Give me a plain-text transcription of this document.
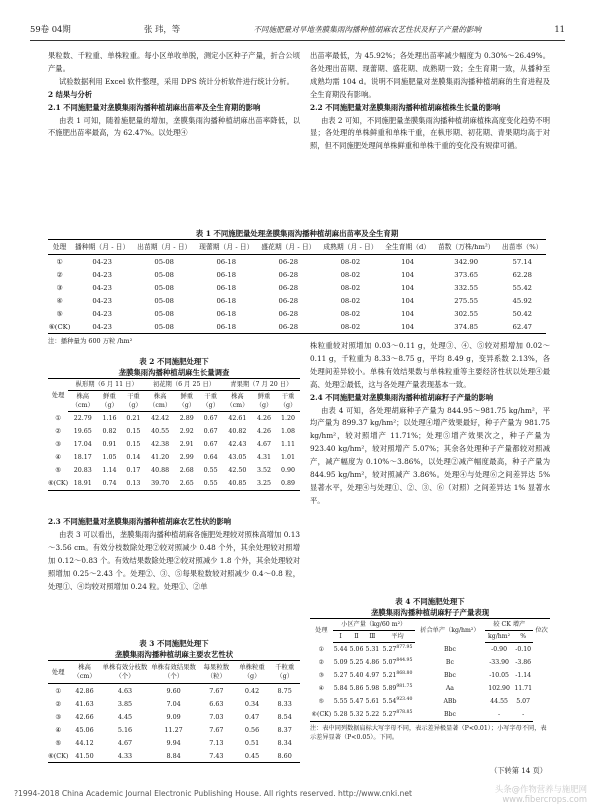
59卷 04期	张 玮，等	不同施肥量对旱地垄膜集雨沟播种植胡麻农艺性状及籽子产量的影响	11

果粒数、千粒重、单株粒重。每小区单收单脱，测定小区种子产量，折合公顷产量。

试验数据利用 Excel 软件整理，采用 DPS 统计分析软件进行统计分析。

2 结果与分析

2.1 不同施肥量对垄膜集雨沟播种植胡麻出苗率及全生育期的影响

由表 1 可知，随着施肥量的增加，垄膜集雨沟播种植胡麻出苗率降低，以不施肥出苗率最高，为 62.47%。以处理④

出苗率最低，为 45.92%；各处理出苗率减少幅度为 0.30%～26.49%。各处理出苗期、现蕾期、盛花期、成熟期一致；全生育期一致，从播种至成熟均需 104 d。说明不同施肥量对垄膜集雨沟播种植胡麻的生育进程及全生育期没有影响。

2.2 不同施肥量对垄膜集雨沟播种植胡麻植株生长量的影响

由表 2 可知，不同施肥量垄膜集雨沟播种植胡麻植株高度变化趋势不明显；各处理的单株鲜重和单株干重，在枞形期、初花期、青果期均高于对照，但不同施肥处理间单株鲜重和单株干重的变化没有规律可循。

表 1 不同施肥量处理垄膜集雨沟播种植胡麻出苗率及全生育期
处理	播种期（月 - 日）	出苗期（月 - 日）	现蕾期（月 - 日）	盛花期（月 - 日）	成熟期（月 - 日）	全生育期（d）	苗数（万株/hm²）	出苗率（%）
①	04-23	05-08	06-18	06-28	08-02	104	342.90	57.14
②	04-23	05-08	06-18	06-28	08-02	104	373.65	62.28
③	04-23	05-08	06-18	06-28	08-02	104	332.55	55.42
④	04-23	05-08	06-18	06-28	08-02	104	275.55	45.92
⑤	04-23	05-08	06-18	06-28	08-02	104	302.55	50.42
⑥(CK)	04-23	05-08	06-18	06-28	08-02	104	374.85	62.47
注：播种量为 600 万粒 /hm²
表 2 不同施肥处理下
垄膜集雨沟播种植胡麻生长量调查
处理	枞形期（6 月 11 日）			初花期（6 月 25 日）			青果期（7 月 20 日）		
	株高（cm）	鲜重（g）	干重（g）	株高（cm）	鲜重（g）	干重（g）	株高（cm）	鲜重（g）	干重（g）
①	22.79	1.16	0.21	42.42	2.89	0.67	42.61	4.26	1.20
②	19.65	0.82	0.15	40.55	2.92	0.67	40.82	4.26	1.08
③	17.04	0.91	0.15	42.38	2.91	0.67	42.43	4.67	1.11
④	18.17	1.05	0.14	41.20	2.99	0.64	43.05	4.31	1.01
⑤	20.83	1.14	0.17	40.88	2.68	0.55	42.50	3.52	0.90
⑥(CK)	18.91	0.74	0.13	39.70	2.65	0.55	40.85	3.25	0.89

2.3 不同施肥量对垄膜集雨沟播种植胡麻农艺性状的影响

由表 3 可以看出，垄膜集雨沟播种植胡麻各施肥处理较对照株高增加 0.13～3.56 cm。有效分枝数除处理②较对照减少 0.48 个外，其余处理较对照增加 0.12～0.83 个。有效结果数除处理②较对照减少 1.8 个外，其余处理较对照增加 0.25～2.43 个。处理②、③、⑤每果粒数较对照减少 0.4～0.8 粒，处理①、④均较对照增加 0.24 粒。处理①、②单

表 3 不同施肥处理下
垄膜集雨沟播种植胡麻主要农艺性状
处理	株高（cm）	单株有效分枝数（个）	单株有效结果数（个）	每果粒数（粒）	单株粒重（g）	千粒重（g）
①	42.86	4.63	9.60	7.67	0.42	8.75
②	41.63	3.85	7.04	6.63	0.34	8.33
③	42.66	4.45	9.09	7.03	0.47	8.54
④	45.06	5.16	11.27	7.67	0.56	8.37
⑤	44.12	4.67	9.94	7.13	0.51	8.34
⑥(CK)	41.50	4.33	8.84	7.43	0.45	8.60

株粒重较对照增加 0.03～0.11 g，处理③、④、⑤较对照增加 0.02～0.11 g，千粒重为 8.33～8.75 g，平均 8.49 g，变异系数 2.13%，各处理间差异较小。单株有效结果数与单株粒重等主要经济性状以处理④最高、处理②最低，这与各处理产量表现基本一致。

2.4 不同施肥量对垄膜集雨沟播种植胡麻籽子产量的影响

由表 4 可知，各处理胡麻种子产量为 844.95～981.75 kg/hm²，平均产量为 899.37 kg/hm²；以处理④增产效果最好，种子产量为 981.75 kg/hm²，较对照增产 11.71%；处理⑤增产效果次之，种子产量为 923.40 kg/hm²，较对照增产 5.07%；其余各处理种子产量都较对照减产，减产幅度为 0.10%～3.86%，以处理②减产幅度最高，种子产量为 844.95 kg/hm²，较对照减产 3.86%。处理④与处理⑥之间差异达 5% 显著水平，处理④与处理①、②、③、⑥（对照）之间差异达 1% 显著水平。

表 4 不同施肥处理下
垄膜集雨沟播种植胡麻籽子产量表现
处理	小区产量（kg/60 m²）				折合单产（kg/hm²）	较 CK 增产		位次
	Ⅰ	Ⅱ	Ⅲ	平均		kg/hm²	%	
①	5.44	5.06	5.31	$5.27^{877.95}$	Bbc	-0.90	-0.10	
②	5.09	5.25	4.86	$5.07^{844.95}$	Bc	-33.90	-3.86	
③	5.27	5.40	4.97	$5.21^{868.80}$	Bbc	-10.05	-1.14	
④	5.84	5.86	5.98	$5.89^{981.75}$	Aa	102.90	11.71	
⑤	5.55	5.47	5.61	$5.54^{923.40}$	ABb	44.55	5.07	
⑥(CK)	5.28	5.32	5.22	$5.27^{878.85}$	Bbc	-	-	
注：表中同列数据肩标大写字母不同，表示差异极显著（P<0.01）；小写字母不同，表示差异显著（P<0.05）。下同。
（下转第 14 页）
?1994-2018 China Academic Journal Electronic Publishing House. All rights reserved. http://www.cnki.net	头条@作物营养与施肥网
www.fibercrops.com
